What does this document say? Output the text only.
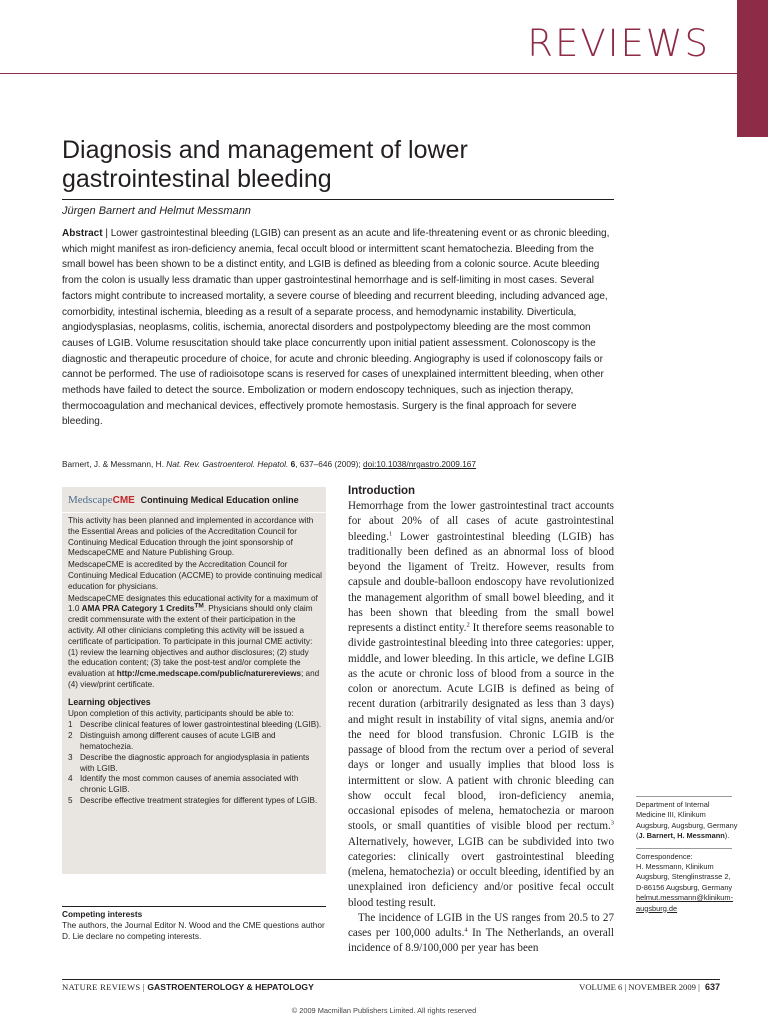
REVIEWS
Diagnosis and management of lower gastrointestinal bleeding
Jürgen Barnert and Helmut Messmann

Abstract | Lower gastrointestinal bleeding (LGIB) can present as an acute and life-threatening event or as chronic bleeding, which might manifest as iron-deficiency anemia, fecal occult blood or intermittent scant hematochezia. Bleeding from the small bowel has been shown to be a distinct entity, and LGIB is defined as bleeding from a colonic source. Acute bleeding from the colon is usually less dramatic than upper gastrointestinal hemorrhage and is self-limiting in most cases. Several factors might contribute to increased mortality, a severe course of bleeding and recurrent bleeding, including advanced age, comorbidity, intestinal ischemia, bleeding as a result of a separate process, and hemodynamic instability. Diverticula, angiodysplasias, neoplasms, colitis, ischemia, anorectal disorders and postpolypectomy bleeding are the most common causes of LGIB. Volume resuscitation should take place concurrently upon initial patient assessment. Colonoscopy is the diagnostic and therapeutic procedure of choice, for acute and chronic bleeding. Angiography is used if colonoscopy fails or cannot be performed. The use of radioisotope scans is reserved for cases of unexplained intermittent bleeding, when other methods have failed to detect the source. Embolization or modern endoscopy techniques, such as injection therapy, thermocoagulation and mechanical devices, effectively promote hemostasis. Surgery is the final approach for severe bleeding.

Barnert, J. & Messmann, H. Nat. Rev. Gastroenterol. Hepatol. 6, 637–646 (2009); doi:10.1038/nrgastro.2009.167
MedscapeCME Continuing Medical Education online

This activity has been planned and implemented in accordance with the Essential Areas and policies of the Accreditation Council for Continuing Medical Education through the joint sponsorship of MedscapeCME and Nature Publishing Group.

MedscapeCME is accredited by the Accreditation Council for Continuing Medical Education (ACCME) to provide continuing medical education for physicians.

MedscapeCME designates this educational activity for a maximum of 1.0 AMA PRA Category 1 Credits™. Physicians should only claim credit commensurate with the extent of their participation in the activity. All other clinicians completing this activity will be issued a certificate of participation. To participate in this journal CME activity: (1) review the learning objectives and author disclosures; (2) study the education content; (3) take the post-test and/or complete the evaluation at http://cme.medscape.com/public/naturereviews; and (4) view/print certificate.

Learning objectives

Upon completion of this activity, participants should be able to:

1 Describe clinical features of lower gastrointestinal bleeding (LGIB).
2 Distinguish among different causes of acute LGIB and hematochezia.
3 Describe the diagnostic approach for angiodysplasia in patients with LGIB.
4 Identify the most common causes of anemia associated with chronic LGIB.
5 Describe effective treatment strategies for different types of LGIB.
Competing interests
The authors, the Journal Editor N. Wood and the CME questions author D. Lie declare no competing interests.
Introduction

Hemorrhage from the lower gastrointestinal tract accounts for about 20% of all cases of acute gastrointestinal bleeding.$^1$ Lower gastrointestinal bleeding (LGIB) has traditionally been defined as an abnormal loss of blood beyond the ligament of Treitz. However, results from capsule and double-balloon endoscopy have revolutionized the management algorithm of small bowel bleeding, and it has been shown that bleeding from the small bowel represents a distinct entity.$^2$ It therefore seems reasonable to divide gastrointestinal bleeding into three categories: upper, middle, and lower bleeding. In this article, we define LGIB as the acute or chronic loss of blood from a source in the colon or anorectum. Acute LGIB is defined as being of recent duration (arbitrarily designated as less than 3 days) and might result in instability of vital signs, anemia and/or the need for blood transfusion. Chronic LGIB is the passage of blood from the rectum over a period of several days or longer and usually implies that blood loss is intermittent or slow. A patient with chronic bleeding can show occult fecal blood, iron-deficiency anemia, occasional episodes of melena, hematochezia or maroon stools, or small quantities of visible blood per rectum.$^3$ Alternatively, however, LGIB can be subdivided into two categories: clinically overt gastrointestinal bleeding (melena, hematochezia) or occult bleeding, identified by an unexplained iron deficiency and/or positive fecal occult blood testing result.

The incidence of LGIB in the US ranges from 20.5 to 27 cases per 100,000 adults.$^4$ In The Netherlands, an overall incidence of 8.9/100,000 per year has been

Department of Internal Medicine III, Klinikum Augsburg, Augsburg, Germany (J. Barnert, H. Messmann).
Correspondence:
H. Messmann, Klinikum Augsburg, Stenglinstrasse 2, D-86156 Augsburg, Germany
helmut.messmann@klinikum-augsburg.de
NATURE REVIEWS | GASTROENTEROLOGY & HEPATOLOGY	VOLUME 6 | NOVEMBER 2009 | 637
© 2009 Macmillan Publishers Limited. All rights reserved
